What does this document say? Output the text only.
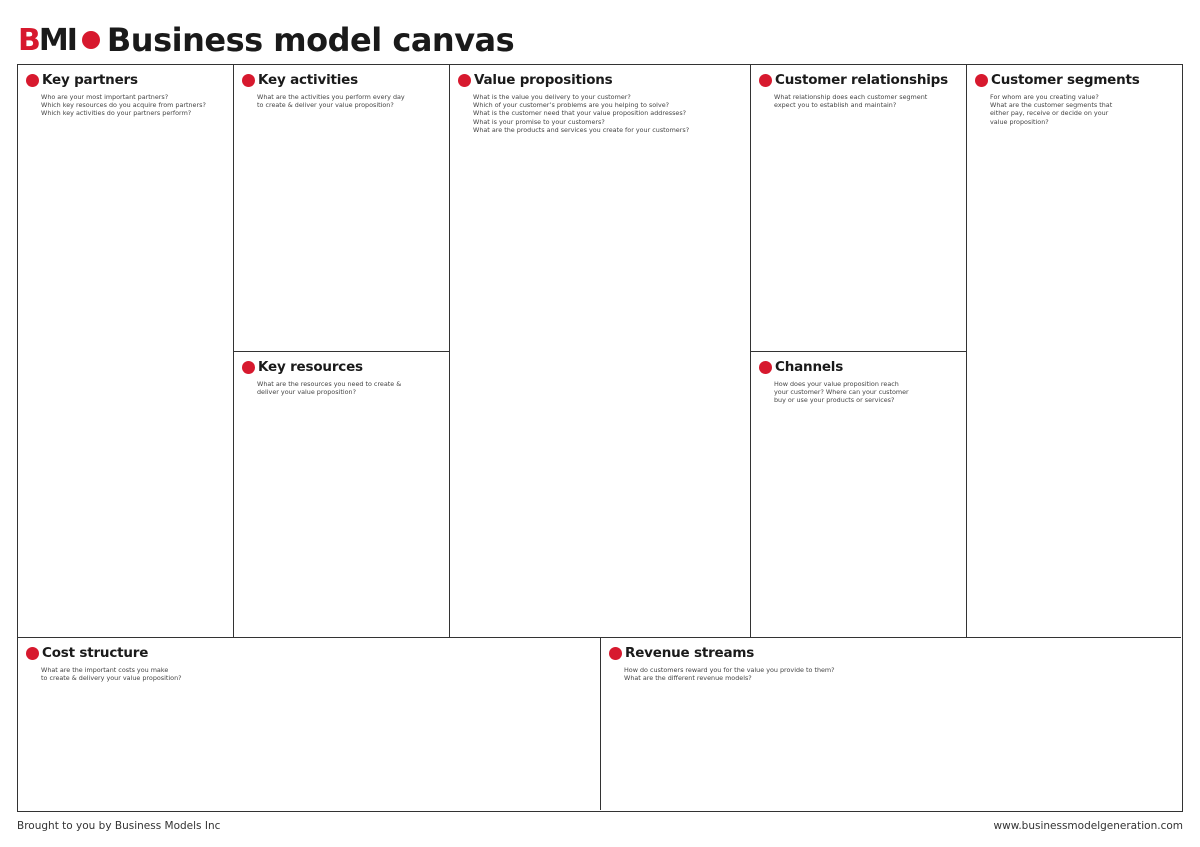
B MI Business model canvas
Key partners
Who are your most important partners?
Which key resources do you acquire from partners?
Which key activities do your partners perform?
Key activities
What are the activities you perform every day
to create & deliver your value proposition?
Key resources
What are the resources you need to create &
deliver your value proposition?
Value propositions
What is the value you delivery to your customer?
Which of your customer’s problems are you helping to solve?
What is the customer need that your value proposition addresses?
What is your promise to your customers?
What are the products and services you create for your customers?
Customer relationships
What relationship does each customer segment
expect you to establish and maintain?
Channels
How does your value proposition reach
your customer? Where can your customer
buy or use your products or services?
Customer segments
For whom are you creating value?
What are the customer segments that
either pay, receive or decide on your
value proposition?
Cost structure
What are the important costs you make
to create & delivery your value proposition?
Revenue streams
How do customers reward you for the value you provide to them?
What are the different revenue models?
Brought to you by Business Models Inc	www.businessmodelgeneration.com
